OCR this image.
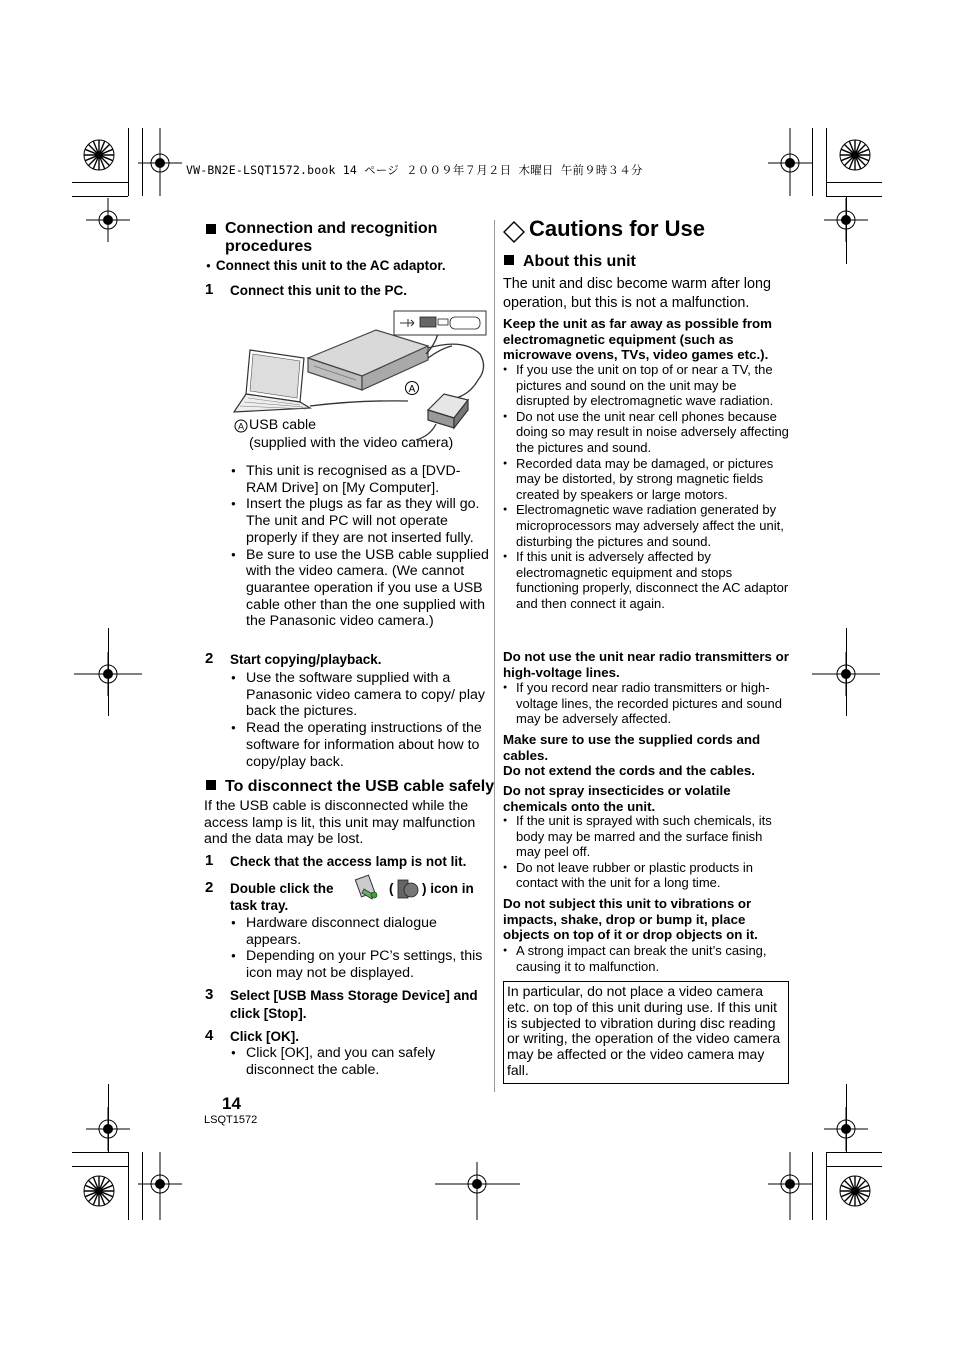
VW-BN2E-LSQT1572.book 14 ページ ２００９年７月２日 木曜日 午前９時３４分
Connection and recognition procedures
● Connect this unit to the AC adaptor.
1 Connect this unit to the PC.
A
A USB cable
(supplied with the video camera)
● This unit is recognised as a [DVD-RAM Drive] on [My Computer].
● Insert the plugs as far as they will go. The unit and PC will not operate properly if they are not inserted fully.
● Be sure to use the USB cable supplied with the video camera. (We cannot guarantee operation if you use a USB cable other than the one supplied with the Panasonic video camera.)
2 Start copying/playback.
● Use the software supplied with a Panasonic video camera to copy/ play back the pictures.
● Read the operating instructions of the software for information about how to copy/play back.
To disconnect the USB cable safely
If the USB cable is disconnected while the access lamp is lit, this unit may malfunction and the data may be lost.
1 Check that the access lamp is not lit.
2 Double click the	( ) icon in
task tray.
● Hardware disconnect dialogue appears.
● Depending on your PC’s settings, this icon may not be displayed.
3 Select [USB Mass Storage Device] and click [Stop].
4 Click [OK].
● Click [OK], and you can safely disconnect the cable.
14
LSQT1572
Cautions for Use
About this unit
The unit and disc become warm after long operation, but this is not a malfunction.
Keep the unit as far away as possible from electromagnetic equipment (such as microwave ovens, TVs, video games etc.).
● If you use the unit on top of or near a TV, the pictures and sound on the unit may be disrupted by electromagnetic wave radiation.
● Do not use the unit near cell phones because doing so may result in noise adversely affecting the pictures and sound.
● Recorded data may be damaged, or pictures may be distorted, by strong magnetic fields created by speakers or large motors.
● Electromagnetic wave radiation generated by microprocessors may adversely affect the unit, disturbing the pictures and sound.
● If this unit is adversely affected by electromagnetic equipment and stops functioning properly, disconnect the AC adaptor and then connect it again.
Do not use the unit near radio transmitters or high-voltage lines.
● If you record near radio transmitters or high-voltage lines, the recorded pictures and sound may be adversely affected.
Make sure to use the supplied cords and cables.
Do not extend the cords and the cables.
Do not spray insecticides or volatile chemicals onto the unit.
● If the unit is sprayed with such chemicals, its body may be marred and the surface finish may peel off.
● Do not leave rubber or plastic products in contact with the unit for a long time.
Do not subject this unit to vibrations or impacts, shake, drop or bump it, place objects on top of it or drop objects on it.
● A strong impact can break the unit’s casing, causing it to malfunction.
In particular, do not place a video camera etc. on top of this unit during use. If this unit is subjected to vibration during disc reading or writing, the operation of the video camera may be affected or the video camera may fall.
